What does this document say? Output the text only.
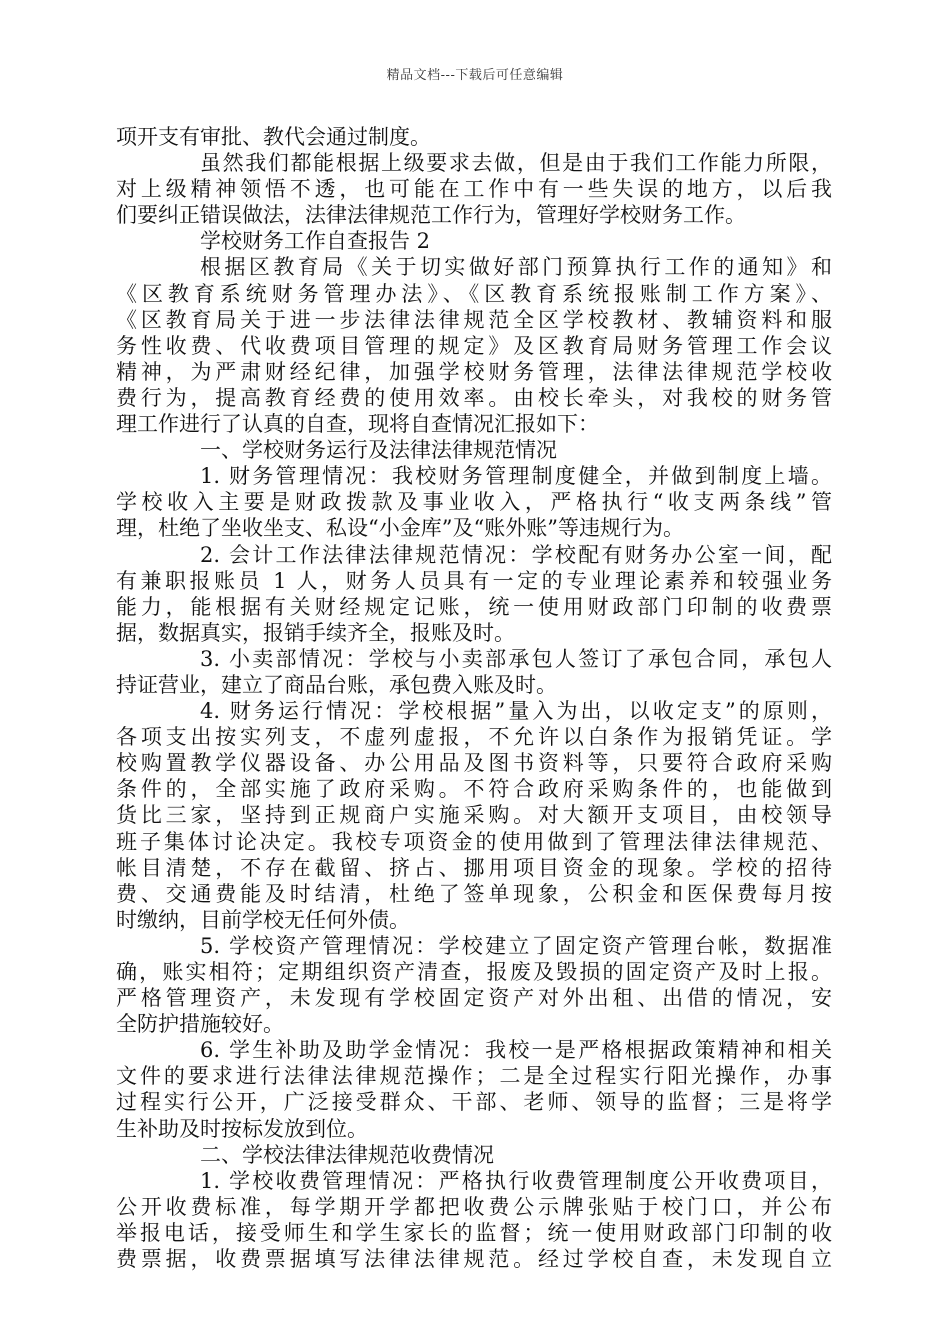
精品文档---下载后可任意编辑
项开支有审批、教代会通过制度。
虽然我们都能根据上级要求去做，但是由于我们工作能力所限，
对上级精神领悟不透，也可能在工作中有一些失误的地方，以后我
们要纠正错误做法，法律法律规范工作行为，管理好学校财务工作。
学校财务工作自查报告 2
根据区教育局《关于切实做好部门预算执行工作的通知》和
《区教育系统财务管理办法》、《区教育系统报账制工作方案》、
《区教育局关于进一步法律法律规范全区学校教材、教辅资料和服
务性收费、代收费项目管理的规定》及区教育局财务管理工作会议
精神，为严肃财经纪律，加强学校财务管理，法律法律规范学校收
费行为，提高教育经费的使用效率。由校长牵头，对我校的财务管
理工作进行了认真的自查，现将自查情况汇报如下：
一、学校财务运行及法律法律规范情况
1. 财务管理情况：我校财务管理制度健全，并做到制度上墙。
学校收入主要是财政拨款及事业收入，严格执行“收支两条线”管
理，杜绝了坐收坐支、私设“小金库”及“账外账”等违规行为。
2. 会计工作法律法律规范情况：学校配有财务办公室一间，配
有兼职报账员 1 人，财务人员具有一定的专业理论素养和较强业务
能力，能根据有关财经规定记账，统一使用财政部门印制的收费票
据，数据真实，报销手续齐全，报账及时。
3. 小卖部情况：学校与小卖部承包人签订了承包合同，承包人
持证营业，建立了商品台账，承包费入账及时。
4. 财务运行情况：学校根据”量入为出，以收定支”的原则，
各项支出按实列支，不虚列虚报，不允许以白条作为报销凭证。学
校购置教学仪器设备、办公用品及图书资料等，只要符合政府采购
条件的，全部实施了政府采购。不符合政府采购条件的，也能做到
货比三家，坚持到正规商户实施采购。对大额开支项目，由校领导
班子集体讨论决定。我校专项资金的使用做到了管理法律法律规范、
帐目清楚，不存在截留、挤占、挪用项目资金的现象。学校的招待
费、交通费能及时结清，杜绝了签单现象，公积金和医保费每月按
时缴纳，目前学校无任何外债。
5. 学校资产管理情况：学校建立了固定资产管理台帐，数据准
确，账实相符；定期组织资产清查，报废及毁损的固定资产及时上报。
严格管理资产，未发现有学校固定资产对外出租、出借的情况，安
全防护措施较好。
6. 学生补助及助学金情况：我校一是严格根据政策精神和相关
文件的要求进行法律法律规范操作；二是全过程实行阳光操作，办事
过程实行公开，广泛接受群众、干部、老师、领导的监督；三是将学
生补助及时按标发放到位。
二、学校法律法律规范收费情况
1. 学校收费管理情况：严格执行收费管理制度公开收费项目，
公开收费标准，每学期开学都把收费公示牌张贴于校门口，并公布
举报电话，接受师生和学生家长的监督；统一使用财政部门印制的收
费票据，收费票据填写法律法律规范。经过学校自查，未发现自立
